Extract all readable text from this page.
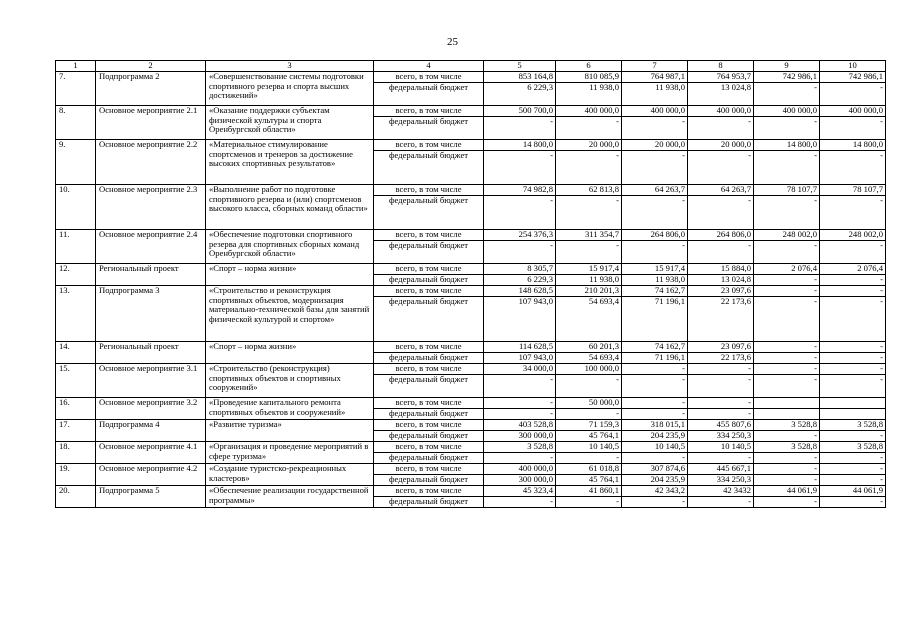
25
1	2	3	4	5	6	7	8	9	10
7.	Подпрограмма 2	«Совершенствование системы подготовки спортивного резерва и спорта высших достижений»	всего, в том числе	853 164,8	810 085,9	764 987,1	764 953,7	742 986,1	742 986,1
			федеральный бюджет	6 229,3	11 938,0	11 938,0	13 024,8	-	-
8.	Основное мероприятие 2.1	«Оказание поддержки субъектам физической культуры и спорта Оренбургской области»	всего, в том числе	500 700,0	400 000,0	400 000,0	400 000,0	400 000,0	400 000,0
			федеральный бюджет	-	-	-	-	-	-
9.	Основное мероприятие 2.2	«Материальное стимулирование спортсменов и тренеров за достижение высоких спортивных результатов»	всего, в том числе	14 800,0	20 000,0	20 000,0	20 000,0	14 800,0	14 800,0
			федеральный бюджет	-	-	-	-	-	-
10.	Основное мероприятие 2.3	«Выполнение работ по подготовке спортивного резерва и (или) спортсменов высокого класса, сборных команд области»	всего, в том числе	74 982,8	62 813,8	64 263,7	64 263,7	78 107,7	78 107,7
			федеральный бюджет	-	-	-	-	-	-
11.	Основное мероприятие 2.4	«Обеспечение подготовки спортивного резерва для спортивных сборных команд Оренбургской области»	всего, в том числе	254 376,3	311 354,7	264 806,0	264 806,0	248 002,0	248 002,0
			федеральный бюджет	-	-	-	-	-	-
12.	Региональный проект	«Спорт – норма жизни»	всего, в том числе	8 305,7	15 917,4	15 917,4	15 884,0	2 076,4	2 076,4
			федеральный бюджет	6 229,3	11 938,0	11 938,0	13 024,8	-	-
13.	Подпрограмма 3	«Строительство и реконструкция спортивных объектов, модернизация материально-технической базы для занятий физической культурой и спортом»	всего, в том числе	148 628,5	210 201,3	74 162,7	23 097,6	-	-
			федеральный бюджет	107 943,0	54 693,4	71 196,1	22 173,6	-	-
14.	Региональный проект	«Спорт – норма жизни»	всего, в том числе	114 628,5	60 201,3	74 162,7	23 097,6	-	-
			федеральный бюджет	107 943,0	54 693,4	71 196,1	22 173,6	-	-
15.	Основное мероприятие 3.1	«Строительство (реконструкция) спортивных объектов и спортивных сооружений»	всего, в том числе	34 000,0	100 000,0	-	-	-	-
			федеральный бюджет	-	-	-	-	-	-
16.	Основное мероприятие 3.2	«Проведение капитального ремонта спортивных объектов и сооружений»	всего, в том числе	-	50 000,0	-	-		
			федеральный бюджет	-	-	-	-		
17.	Подпрограмма 4	«Развитие туризма»	всего, в том числе	403 528,8	71 159,3	318 015,1	455 807,6	3 528,8	3 528,8
			федеральный бюджет	300 000,0	45 764,1	204 235,9	334 250,3	-	-
18.	Основное мероприятие 4.1	«Организация и проведение мероприятий в сфере туризма»	всего, в том числе	3 528,8	10 140,5	10 140,5	10 140,5	3 528,8	3 528,8
			федеральный бюджет	-	-	-	-	-	-
19.	Основное мероприятие 4.2	«Создание туристско-рекреационных кластеров»	всего, в том числе	400 000,0	61 018,8	307 874,6	445 667,1	-	-
			федеральный бюджет	300 000,0	45 764,1	204 235,9	334 250,3	-	-
20.	Подпрограмма 5	«Обеспечение реализации государственной программы»	всего, в том числе	45 323,4	41 860,1	42 343,2	42 3432	44 061,9	44 061,9
			федеральный бюджет	-	-	-	-	-	-
